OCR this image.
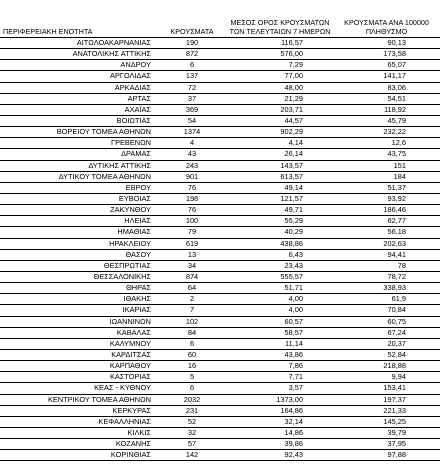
ΠΕΡΙΦΕΡΕΙΑΚΗ ΕΝΟΤΗΤΑ	ΚΡΟΥΣΜΑΤΑ	ΜΕΣΟΣ ΟΡΟΣ ΚΡΟΥΣΜΑΤΩΝ ΤΩΝ ΤΕΛΕΥΤΑΙΩΝ 7 ΗΜΕΡΩΝ	ΚΡΟΥΣΜΑΤΑ ΑΝΑ 100000 ΠΛΗΘΥΣΜΟ
ΑΙΤΩΛΟΑΚΑΡΝΑΝΙΑΣ	190	116,57	90,13
ΑΝΑΤΟΛΙΚΗΣ ΑΤΤΙΚΗΣ	872	576,00	173,58
ΑΝΔΡΟΥ	6	7,29	65,07
ΑΡΓΟΛΙΔΑΣ	137	77,00	141,17
ΑΡΚΑΔΙΑΣ	72	48,00	83,06
ΑΡΤΑΣ	37	21,29	54,51
ΑΧΑΪΑΣ	369	203,71	118,92
ΒΟΙΩΤΙΑΣ	54	44,57	45,79
ΒΟΡΕΙΟΥ ΤΟΜΕΑ ΑΘΗΝΩΝ	1374	902,29	232,22
ΓΡΕΒΕΝΩΝ	4	4,14	12,6
ΔΡΑΜΑΣ	43	26,14	43,75
ΔΥΤΙΚΗΣ ΑΤΤΙΚΗΣ	243	143,57	151
ΔΥΤΙΚΟΥ ΤΟΜΕΑ ΑΘΗΝΩΝ	901	613,57	184
ΕΒΡΟΥ	76	49,14	51,37
ΕΥΒΟΙΑΣ	198	121,57	93,92
ΖΑΚΥΝΘΟΥ	76	49,71	186,46
ΗΛΕΙΑΣ	100	55,29	62,77
ΗΜΑΘΙΑΣ	79	40,29	56,18
ΗΡΑΚΛΕΙΟΥ	619	438,86	202,63
ΘΑΣΟΥ	13	6,43	94,41
ΘΕΣΠΡΩΤΙΑΣ	34	23,43	78
ΘΕΣΣΑΛΟΝΙΚΗΣ	874	555,57	78,72
ΘΗΡΑΣ	64	51,71	338,93
ΙΘΑΚΗΣ	2	4,00	61,9
ΙΚΑΡΙΑΣ	7	4,00	70,84
ΙΩΑΝΝΙΝΩΝ	102	60,57	60,75
ΚΑΒΑΛΑΣ	84	58,57	67,24
ΚΑΛΥΜΝΟΥ	6	11,14	20,37
ΚΑΡΔΙΤΣΑΣ	60	43,86	52,84
ΚΑΡΠΑΘΟΥ	16	7,86	218,88
ΚΑΣΤΟΡΙΑΣ	5	7,71	9,94
ΚΕΑΣ - ΚΥΘΝΟΥ	6	3,57	153,41
ΚΕΝΤΡΙΚΟΥ ΤΟΜΕΑ ΑΘΗΝΩΝ	2032	1373,00	197,37
ΚΕΡΚΥΡΑΣ	231	164,86	221,33
ΚΕΦΑΛΛΗΝΙΑΣ	52	32,14	145,25
ΚΙΛΚΙΣ	32	14,86	39,79
ΚΟΖΑΝΗΣ	57	39,86	37,95
ΚΟΡΙΝΘΙΑΣ	142	92,43	97,88
